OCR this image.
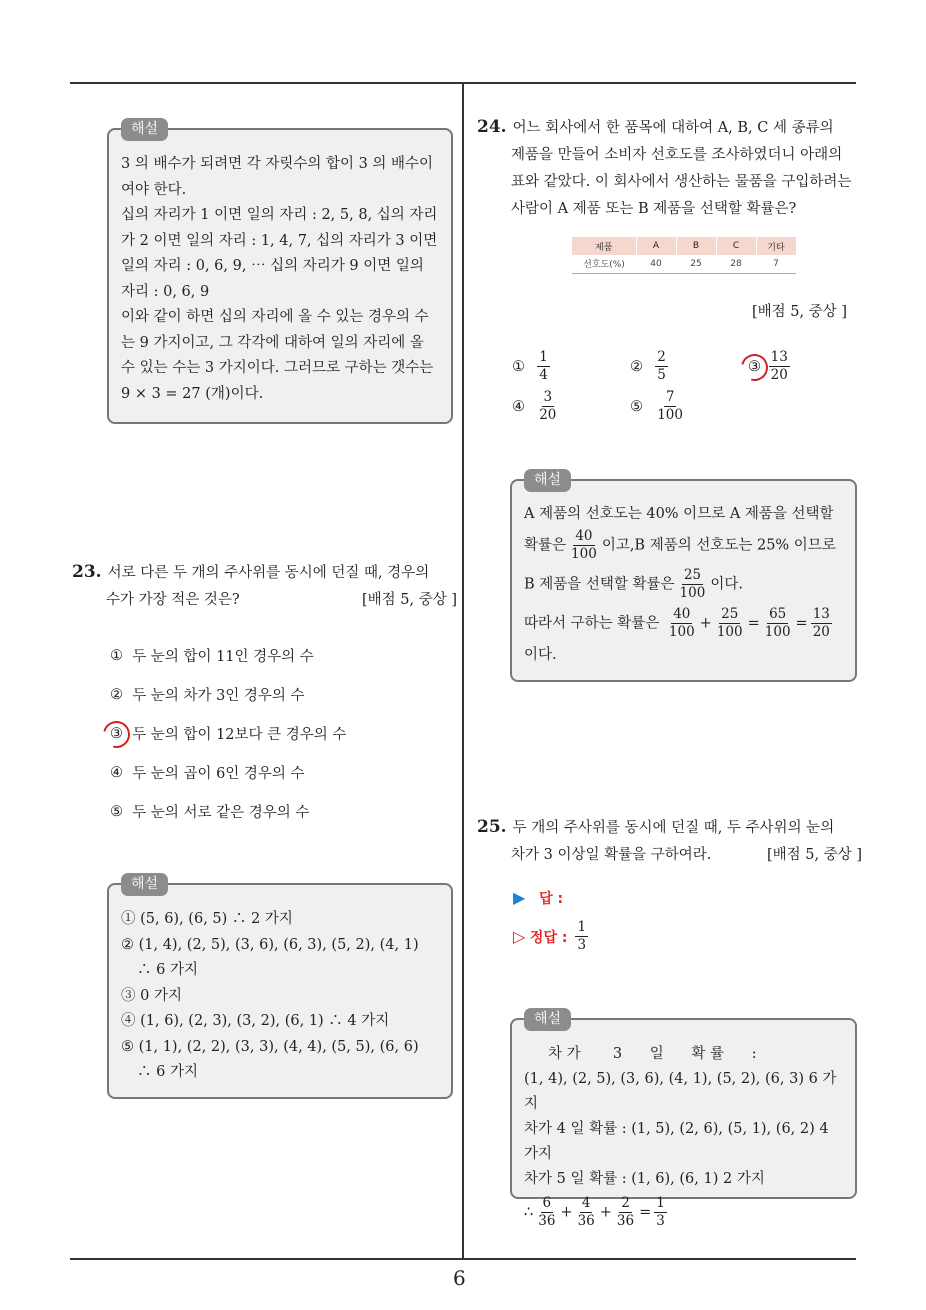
6
해설
3 의 배수가 되려면 각 자릿수의 합이 3 의 배수이
여야 한다.
십의 자리가 1 이면 일의 자리 : 2, 5, 8, 십의 자리
가 2 이면 일의 자리 : 1, 4, 7, 십의 자리가 3 이면
일의 자리 : 0, 6, 9, ⋯ 십의 자리가 9 이면 일의
자리 : 0, 6, 9
이와 같이 하면 십의 자리에 올 수 있는 경우의 수
는 9 가지이고, 그 각각에 대하여 일의 자리에 올
수 있는 수는 3 가지이다. 그러므로 구하는 갯수는
9 × 3 = 27 (개)이다.
23. 서로 다른 두 개의 주사위를 동시에 던질 때, 경우의
수가 가장 적은 것은?	[배점 5, 중상 ]
①
두 눈의 합이 11인 경우의 수
②
두 눈의 차가 3인 경우의 수
③
두 눈의 합이 12보다 큰 경우의 수
④
두 눈의 곱이 6인 경우의 수
⑤
두 눈의 서로 같은 경우의 수
해설
① (5, 6), (6, 5) ∴ 2 가지
② (1, 4), (2, 5), (3, 6), (6, 3), (5, 2), (4, 1)
∴ 6 가지
③ 0 가지
④ (1, 6), (2, 3), (3, 2), (6, 1) ∴ 4 가지
⑤ (1, 1), (2, 2), (3, 3), (4, 4), (5, 5), (6, 6)
∴ 6 가지
24. 어느 회사에서 한 품목에 대하여 A, B, C 세 종류의
제품을 만들어 소비자 선호도를 조사하였더니 아래의
표와 같았다. 이 회사에서 생산하는 물품을 구입하려는
사람이 A 제품 또는 B 제품을 선택할 확률은?
제품	A	B	C	기타
선호도(%)	40	25	28	7
[배점 5, 중상 ]
①
$\frac{1}{4}$	②
$\frac{2}{5}$	③
$\frac{13}{20}$
④
$\frac{3}{20}$	⑤
$\frac{7}{100}$
해설
A 제품의 선호도는 40% 이므로 A 제품을 선택할
확률은 $\frac{40}{100}$ 이고,B 제품의 선호도는 25% 이므로
B 제품을 선택할 확률은 $\frac{25}{100}$ 이다.
따라서 구하는 확률은 $\frac{40}{100} + \frac{25}{100} = \frac{65}{100} = \frac{13}{20}$
이다.
25. 두 개의 주사위를 동시에 던질 때, 두 주사위의 눈의
차가 3 이상일 확률을 구하여라.	[배점 5, 중상 ]
▶ 답 :
▷
정답 : $\frac{1}{3}$
해설
차 가       3      일      확 률      :
(1, 4), (2, 5), (3, 6), (4, 1), (5, 2), (6, 3) 6 가지
차가 4 일 확률 : (1, 5), (2, 6), (5, 1), (6, 2) 4 가지
차가 5 일 확률 : (1, 6), (6, 1) 2 가지
∴ $\frac{6}{36} + \frac{4}{36} + \frac{2}{36} = \frac{1}{3}$
